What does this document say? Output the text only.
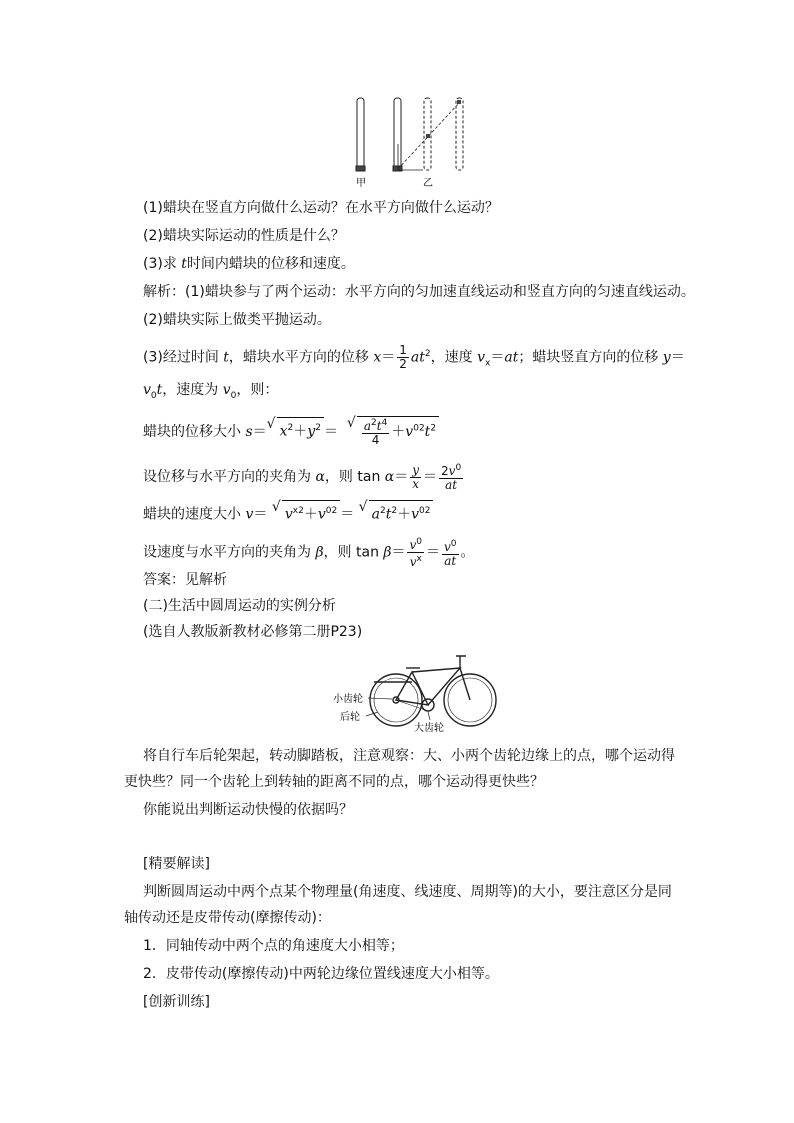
甲	乙
(1)蜡块在竖直方向做什么运动？在水平方向做什么运动？
(2)蜡块实际运动的性质是什么？
(3)求 t时间内蜡块的位移和速度。
解析：(1)蜡块参与了两个运动：水平方向的匀加速直线运动和竖直方向的匀速直线运动。
(2)蜡块实际上做类平抛运动。
(3)经过时间 t，蜡块水平方向的位移 $x= \frac{1}{2} at^2$，速度 $v_x=at$；蜡块竖直方向的位移 y＝
$v_0t$，速度为 $v_0$，则：
蜡块的位移大小 s＝ √ $x^2+y^2$ ＝ √ $\frac{a^2t^4}{4} +v^{02}t^2$
设位移与水平方向的夹角为 α，则 $\tan \alpha= \frac{y}{x} = \frac{2v^0}{at}$
蜡块的速度大小 v＝ √ $v^{x2}+v^{02}$ ＝ √ $a^2t^2+v^{02}$
设速度与水平方向的夹角为 β，则 $\tan \beta= \frac{v^0}{v^x} = \frac{v^0}{at}$ 。
答案：见解析
(二)生活中圆周运动的实例分析
(选自人教版新教材必修第二册P23)
小齿轮
后轮
大齿轮
将自行车后轮架起，转动脚踏板，注意观察：大、小两个齿轮边缘上的点，哪个运动得
更快些？同一个齿轮上到转轴的距离不同的点，哪个运动得更快些？
你能说出判断运动快慢的依据吗？
[精要解读]
判断圆周运动中两个点某个物理量(角速度、线速度、周期等)的大小，要注意区分是同
轴传动还是皮带传动(摩擦传动)：
1．同轴传动中两个点的角速度大小相等；
2．皮带传动(摩擦传动)中两轮边缘位置线速度大小相等。
[创新训练]
